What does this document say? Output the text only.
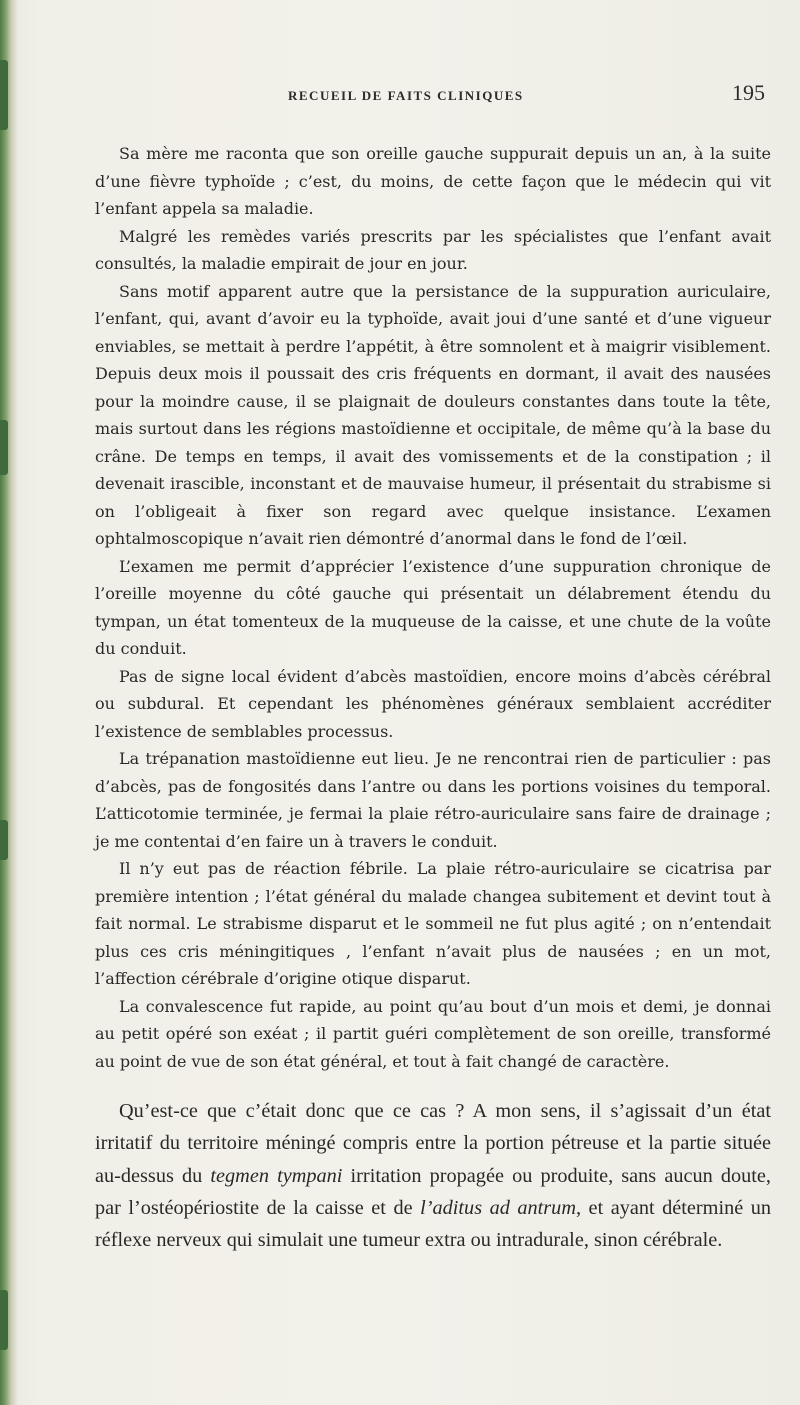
RECUEIL DE FAITS CLINIQUES	195

Sa mère me raconta que son oreille gauche suppurait depuis un an, à la suite d’une fièvre typhoïde ; c’est, du moins, de cette façon que le médecin qui vit l’enfant appela sa maladie.

Malgré les remèdes variés prescrits par les spécialistes que l’enfant avait consultés, la maladie empirait de jour en jour.

Sans motif apparent autre que la persistance de la suppuration auriculaire, l’enfant, qui, avant d’avoir eu la typhoïde, avait joui d’une santé et d’une vigueur enviables, se mettait à perdre l’appétit, à être somnolent et à maigrir visiblement. Depuis deux mois il poussait des cris fréquents en dormant, il avait des nausées pour la moindre cause, il se plaignait de douleurs constantes dans toute la tête, mais surtout dans les régions mastoïdienne et occipitale, de même qu’à la base du crâne. De temps en temps, il avait des vomissements et de la constipation ; il devenait irascible, inconstant et de mauvaise humeur, il présentait du strabisme si on l’obligeait à fixer son regard avec quelque insistance. L’examen ophtalmoscopique n’avait rien démontré d’anormal dans le fond de l’œil.

L’examen me permit d’apprécier l’existence d’une suppuration chronique de l’oreille moyenne du côté gauche qui présentait un délabrement étendu du tympan, un état tomenteux de la muqueuse de la caisse, et une chute de la voûte du conduit.

Pas de signe local évident d’abcès mastoïdien, encore moins d’abcès cérébral ou subdural. Et cependant les phénomènes généraux semblaient accréditer l’existence de semblables processus.

La trépanation mastoïdienne eut lieu. Je ne rencontrai rien de particulier : pas d’abcès, pas de fongosités dans l’antre ou dans les portions voisines du temporal. L’atticotomie terminée, je fermai la plaie rétro-auriculaire sans faire de drainage ; je me contentai d’en faire un à travers le conduit.

Il n’y eut pas de réaction fébrile. La plaie rétro-auriculaire se cicatrisa par première intention ; l’état général du malade changea subitement et devint tout à fait normal. Le strabisme disparut et le sommeil ne fut plus agité ; on n’entendait plus ces cris méningitiques , l’enfant n’avait plus de nausées ; en un mot, l’affection cérébrale d’origine otique disparut.

La convalescence fut rapide, au point qu’au bout d’un mois et demi, je donnai au petit opéré son exéat ; il partit guéri complètement de son oreille, transformé au point de vue de son état général, et tout à fait changé de caractère.

Qu’est-ce que c’était donc que ce cas ? A mon sens, il s’agissait d’un état irritatif du territoire méningé compris entre la portion pétreuse et la partie située au-dessus du tegmen tympani irritation propagée ou produite, sans aucun doute, par l’ostéopériostite de la caisse et de l’aditus ad antrum, et ayant déterminé un réflexe nerveux qui simulait une tumeur extra ou intradurale, sinon cérébrale.
